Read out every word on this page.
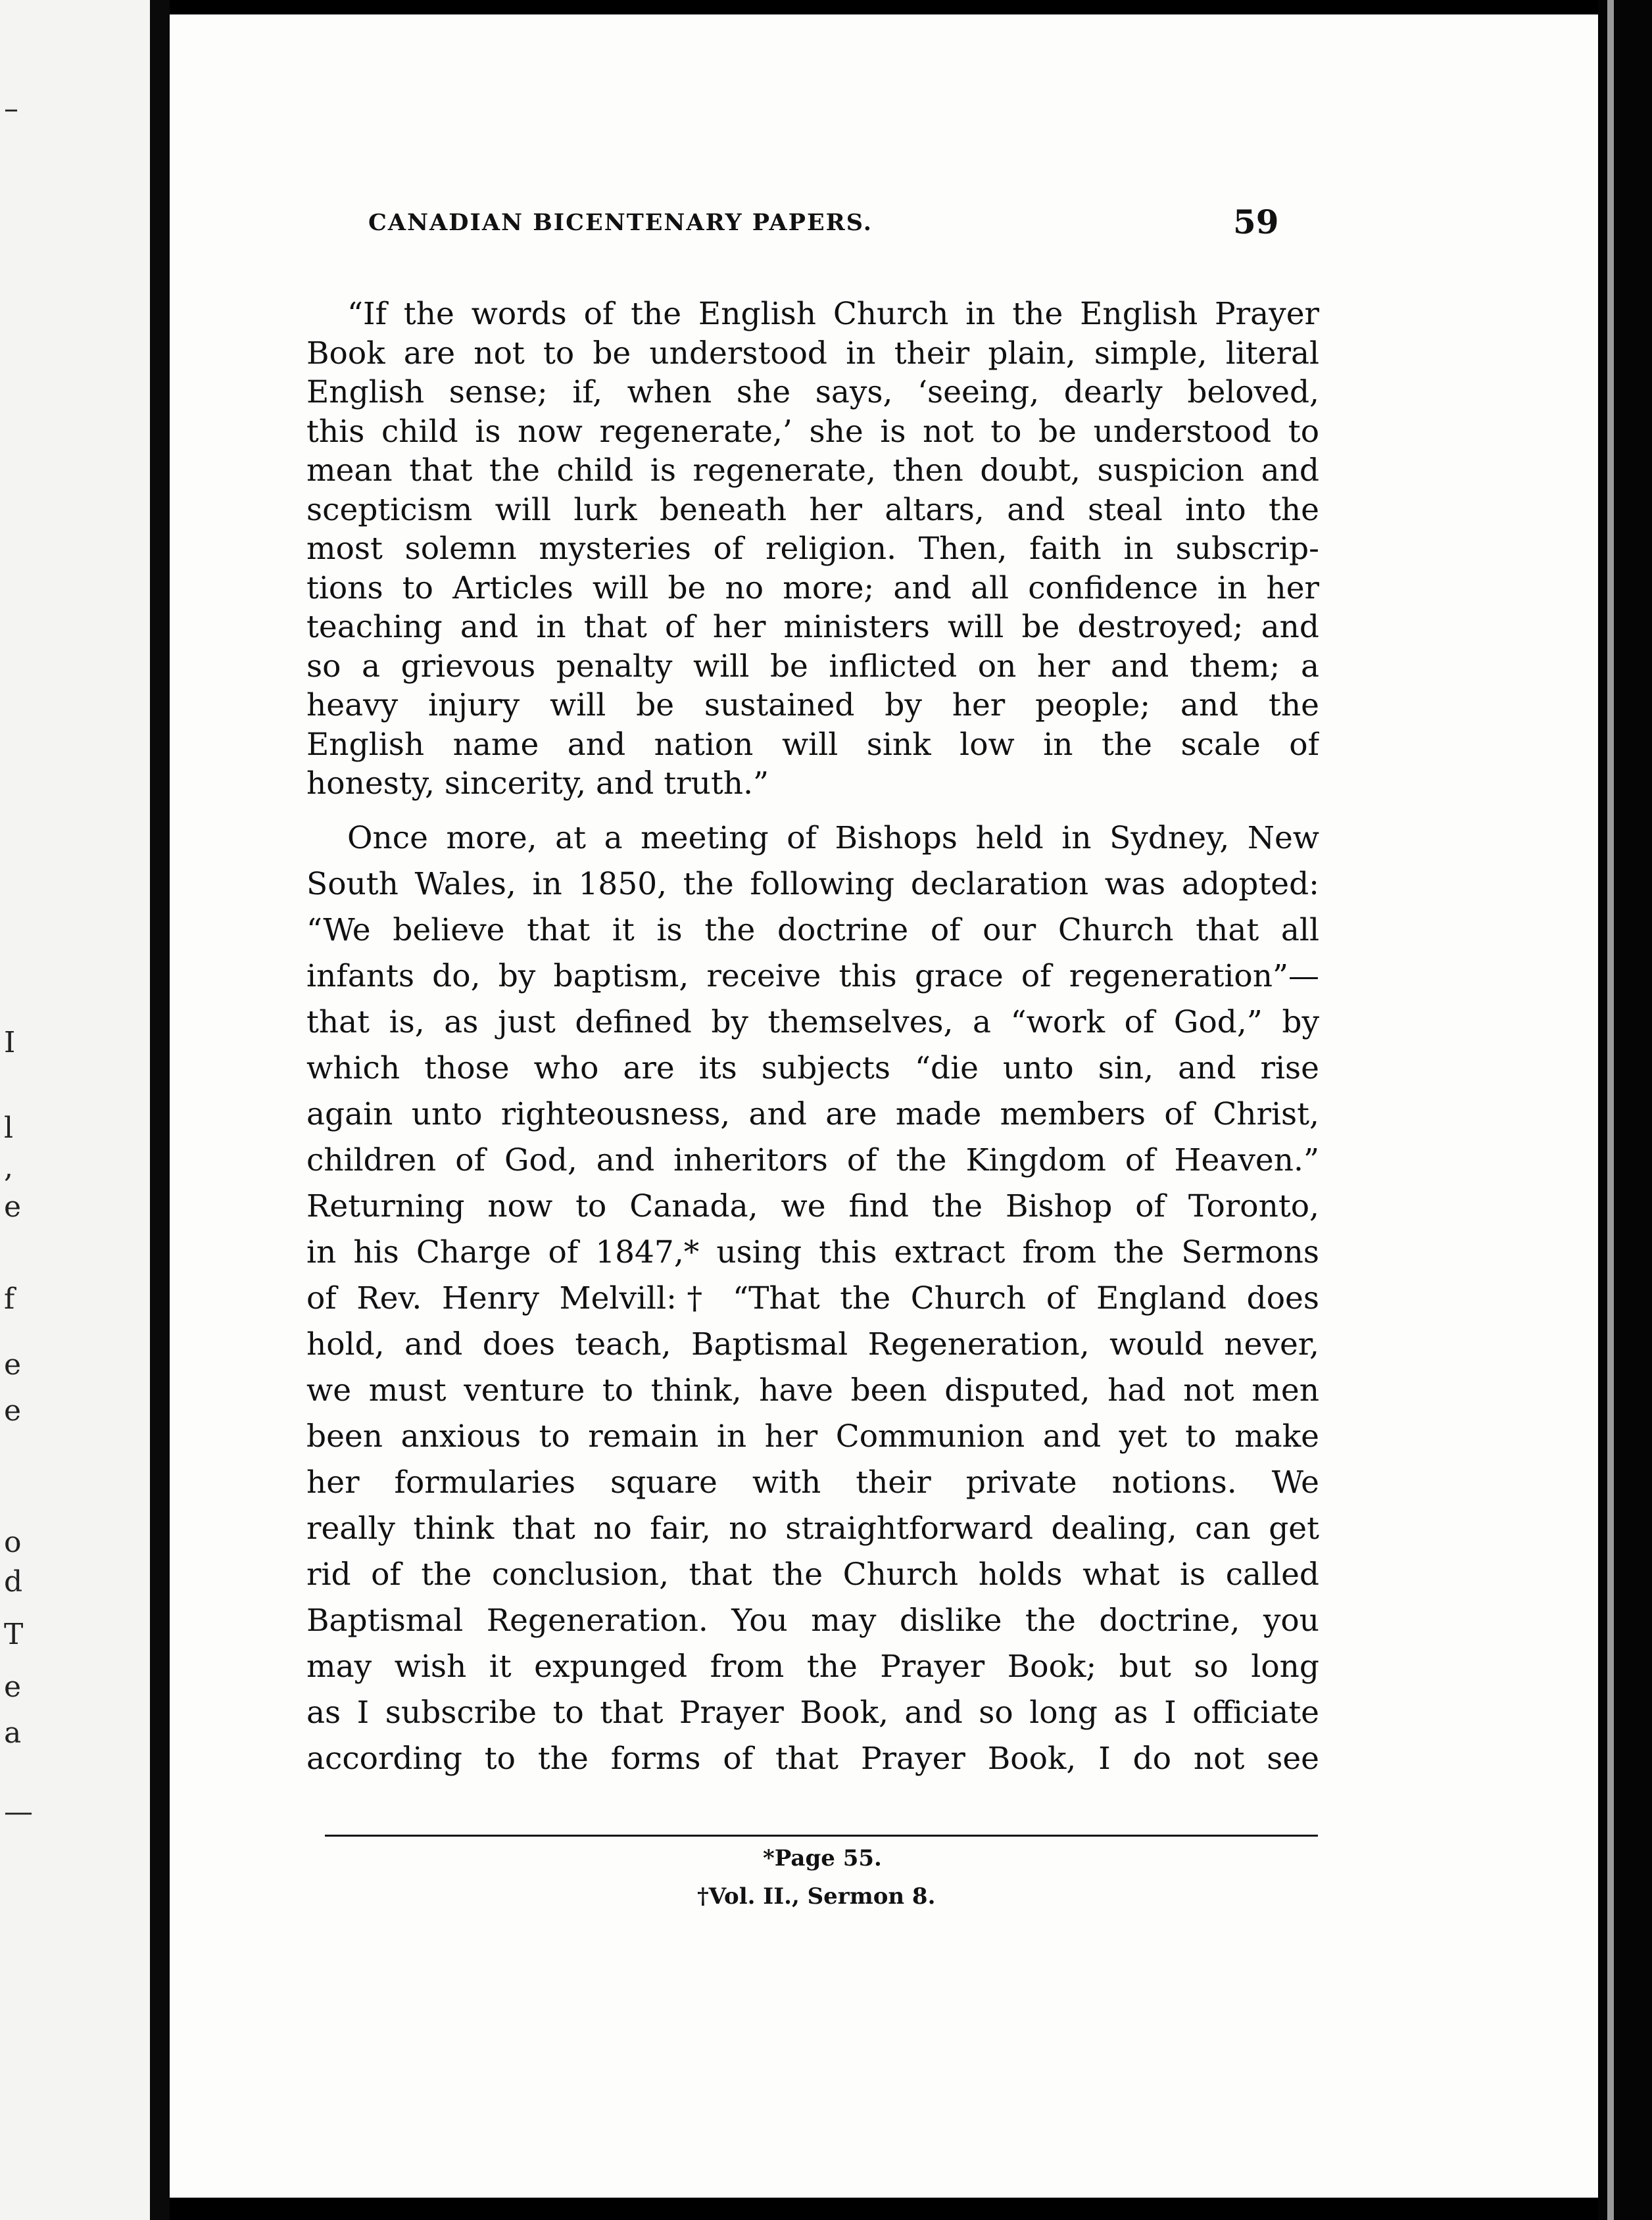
–
I
l
,
e
f
e
e
o
d
T
e
a
—
CANADIAN BICENTENARY PAPERS.	59
“If the words of the English Church in the English Prayer
Book are not to be understood in their plain, simple, literal
English sense; if, when she says, ‘seeing, dearly beloved,
this child is now regenerate,’ she is not to be understood to
mean that the child is regenerate, then doubt, suspicion and
scepticism will lurk beneath her altars, and steal into the
most solemn mysteries of religion. Then, faith in subscrip-
tions to Articles will be no more; and all confidence in her
teaching and in that of her ministers will be destroyed; and
so a grievous penalty will be inflicted on her and them; a
heavy injury will be sustained by her people; and the
English name and nation will sink low in the scale of
honesty, sincerity, and truth.”
Once more, at a meeting of Bishops held in Sydney, New
South Wales, in 1850, the following declaration was adopted:
“We believe that it is the doctrine of our Church that all
infants do, by baptism, receive this grace of regeneration”—
that is, as just defined by themselves, a “work of God,” by
which those who are its subjects “die unto sin, and rise
again unto righteousness, and are made members of Christ,
children of God, and inheritors of the Kingdom of Heaven.”
Returning now to Canada, we find the Bishop of Toronto,
in his Charge of 1847,* using this extract from the Sermons
of Rev. Henry Melvill:† “That the Church of England does
hold, and does teach, Baptismal Regeneration, would never,
we must venture to think, have been disputed, had not men
been anxious to remain in her Communion and yet to make
her formularies square with their private notions. We
really think that no fair, no straightforward dealing, can get
rid of the conclusion, that the Church holds what is called
Baptismal Regeneration. You may dislike the doctrine, you
may wish it expunged from the Prayer Book; but so long
as I subscribe to that Prayer Book, and so long as I officiate
according to the forms of that Prayer Book, I do not see
*Page 55.
†Vol. II., Sermon 8.
